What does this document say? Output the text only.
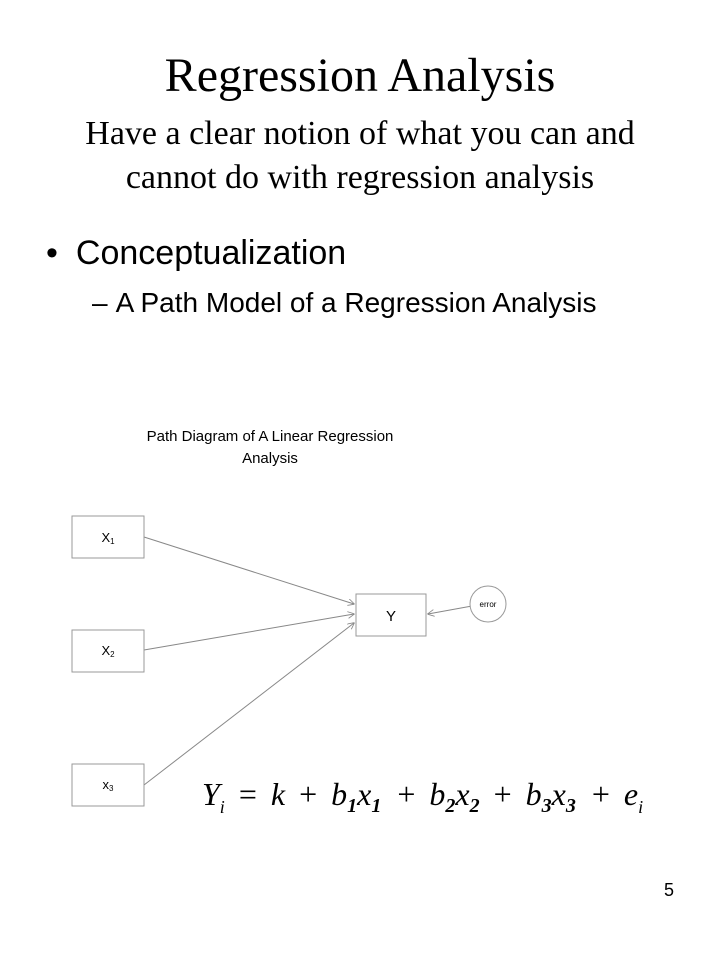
Regression Analysis
Have a clear notion of what you can and cannot do with regression analysis
• Conceptualization
– A Path Model of a Regression Analysis
Path Diagram of A Linear Regression
Analysis
X1
X2
x3
Y
error
$Y_i = k + b_1x_1 + b_2x_2 + b_3x_3 + e_i$
5
